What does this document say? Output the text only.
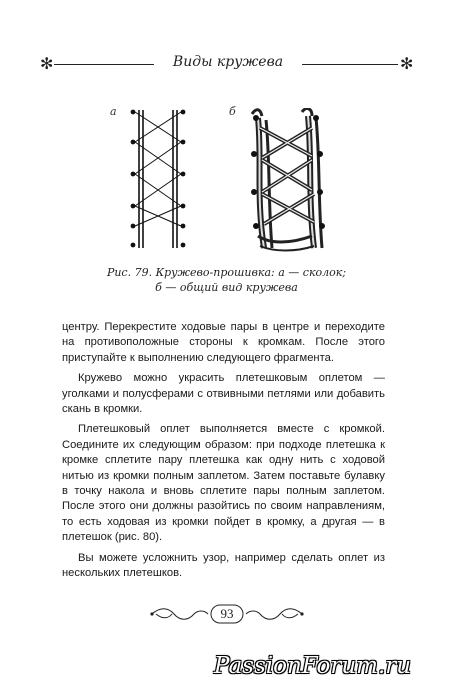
✻	Виды кружева	✻
а	б
Рис. 79. Кружево-прошивка: а — сколок;
б — общий вид кружева

центру. Перекрестите ходовые пары в центре и переходите на противоположные стороны к кромкам. После этого приступайте к выполнению следующего фрагмента.

Кружево можно украсить плетешковым оплетом — уголками и полусферами с отвивными петлями или добавить скань в кромки.

Плетешковый оплет выполняется вместе с кромкой. Соедините их следующим образом: при подходе плетешка к кромке сплетите пару плетешка как одну нить с ходовой нитью из кромки полным заплетом. Затем поставьте булавку в точку накола и вновь сплетите пары полным заплетом. После этого они должны разойтись по своим направлениям, то есть ходовая из кромки пойдет в кромку, а другая — в плетешок (рис. 80).

Вы можете усложнить узор, например сделать оплет из нескольких плетешков.

93
PassionForum.ru
